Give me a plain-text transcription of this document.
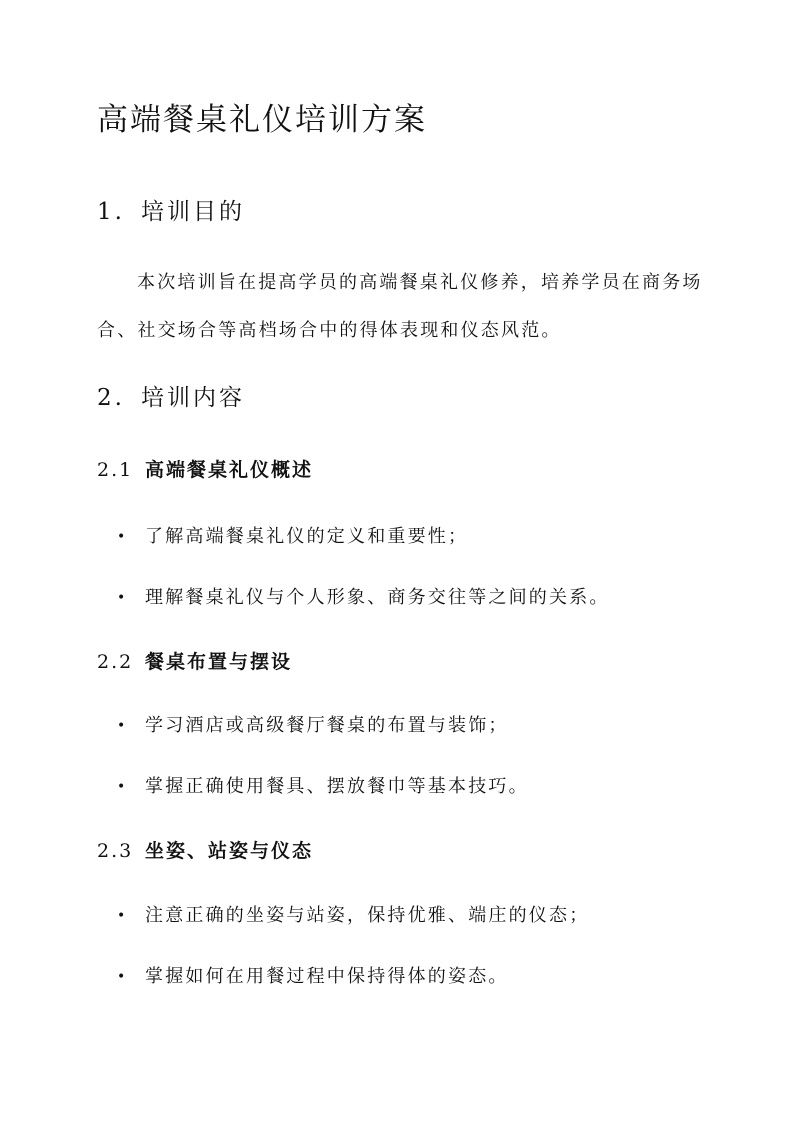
高端餐桌礼仪培训方案
1. 培训目的
本次培训旨在提高学员的高端餐桌礼仪修养，培养学员在商务场合、社交场合等高档场合中的得体表现和仪态风范。
2. 培训内容
2.1 高端餐桌礼仪概述
• 了解高端餐桌礼仪的定义和重要性；
• 理解餐桌礼仪与个人形象、商务交往等之间的关系。
2.2 餐桌布置与摆设
• 学习酒店或高级餐厅餐桌的布置与装饰；
• 掌握正确使用餐具、摆放餐巾等基本技巧。
2.3 坐姿、站姿与仪态
• 注意正确的坐姿与站姿，保持优雅、端庄的仪态；
• 掌握如何在用餐过程中保持得体的姿态。
